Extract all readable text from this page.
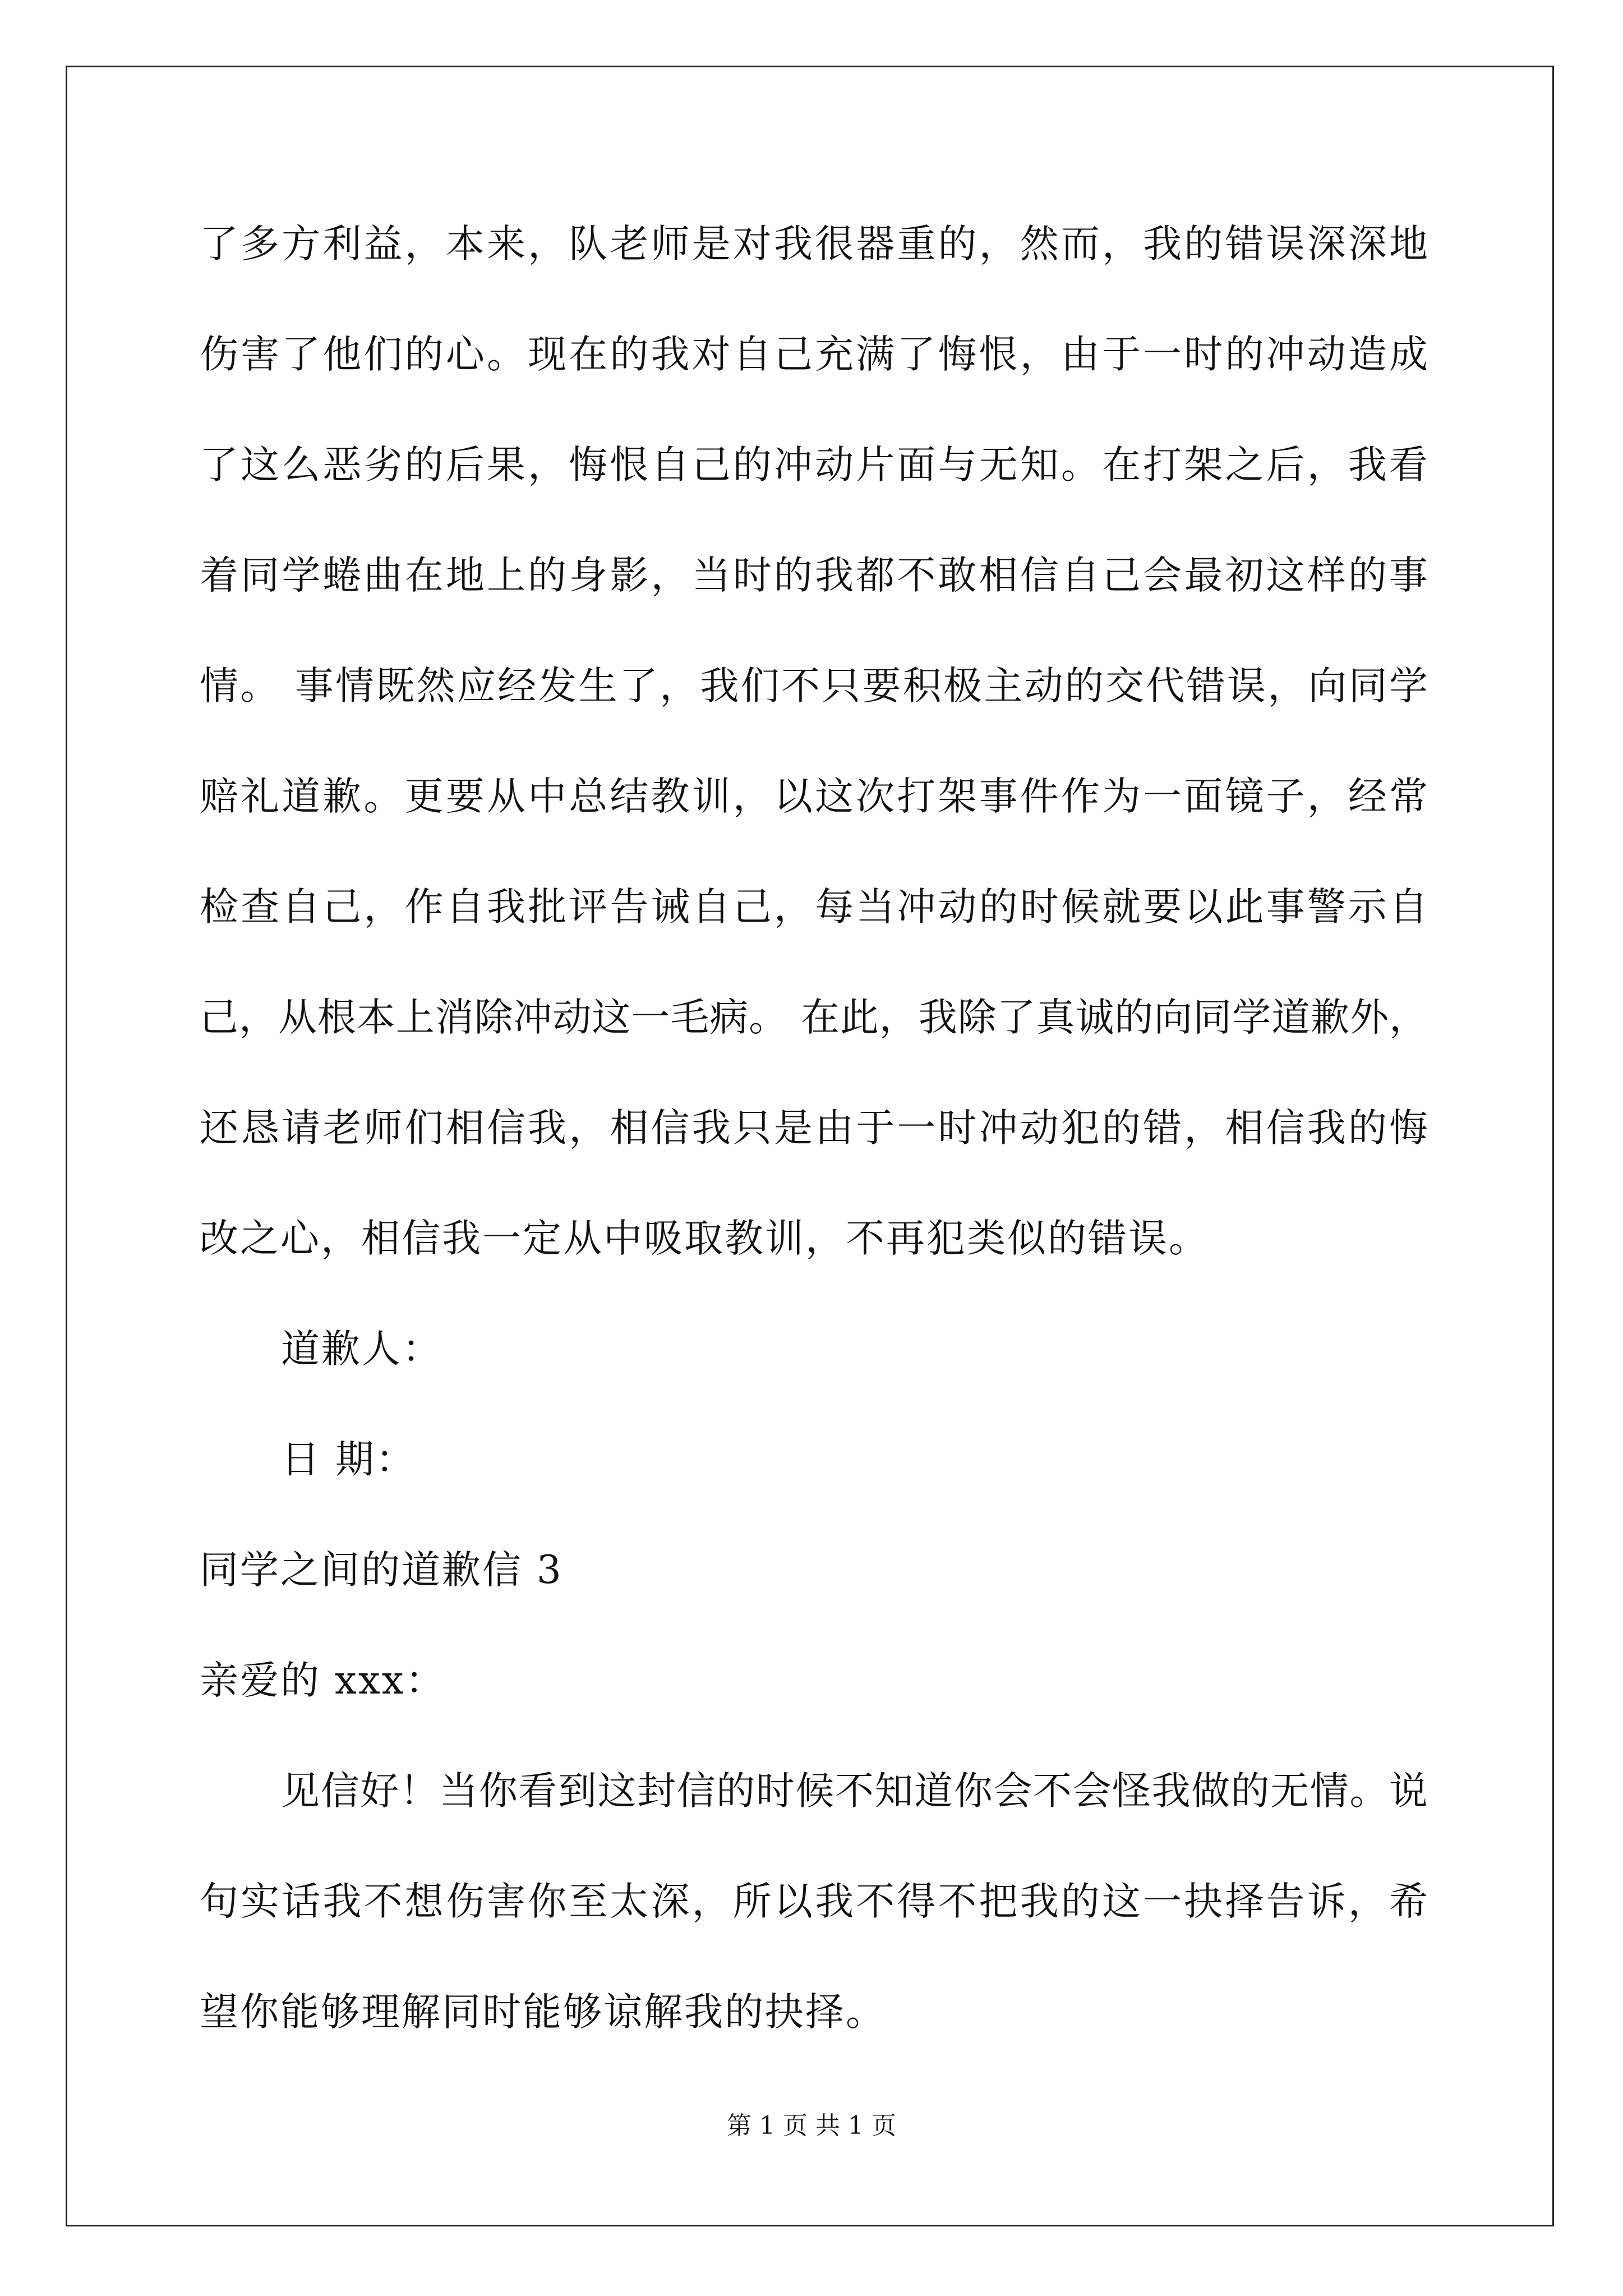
了多方利益，本来，队老师是对我很器重的，然而，我的错误深深地
伤害了他们的心。现在的我对自己充满了悔恨，由于一时的冲动造成
了这么恶劣的后果，悔恨自己的冲动片面与无知。在打架之后，我看
着同学蜷曲在地上的身影，当时的我都不敢相信自己会最初这样的事
情。 事情既然应经发生了，我们不只要积极主动的交代错误，向同学
赔礼道歉。更要从中总结教训，以这次打架事件作为一面镜子，经常
检查自己，作自我批评告诫自己，每当冲动的时候就要以此事警示自
己，从根本上消除冲动这一毛病。 在此，我除了真诚的向同学道歉外，
还恳请老师们相信我，相信我只是由于一时冲动犯的错，相信我的悔
改之心，相信我一定从中吸取教训，不再犯类似的错误。
道歉人：
日 期：
同学之间的道歉信 3
亲爱的 xxx：
见信好！当你看到这封信的时候不知道你会不会怪我做的无情。说
句实话我不想伤害你至太深，所以我不得不把我的这一抉择告诉，希
望你能够理解同时能够谅解我的抉择。
第 1 页 共 1 页
